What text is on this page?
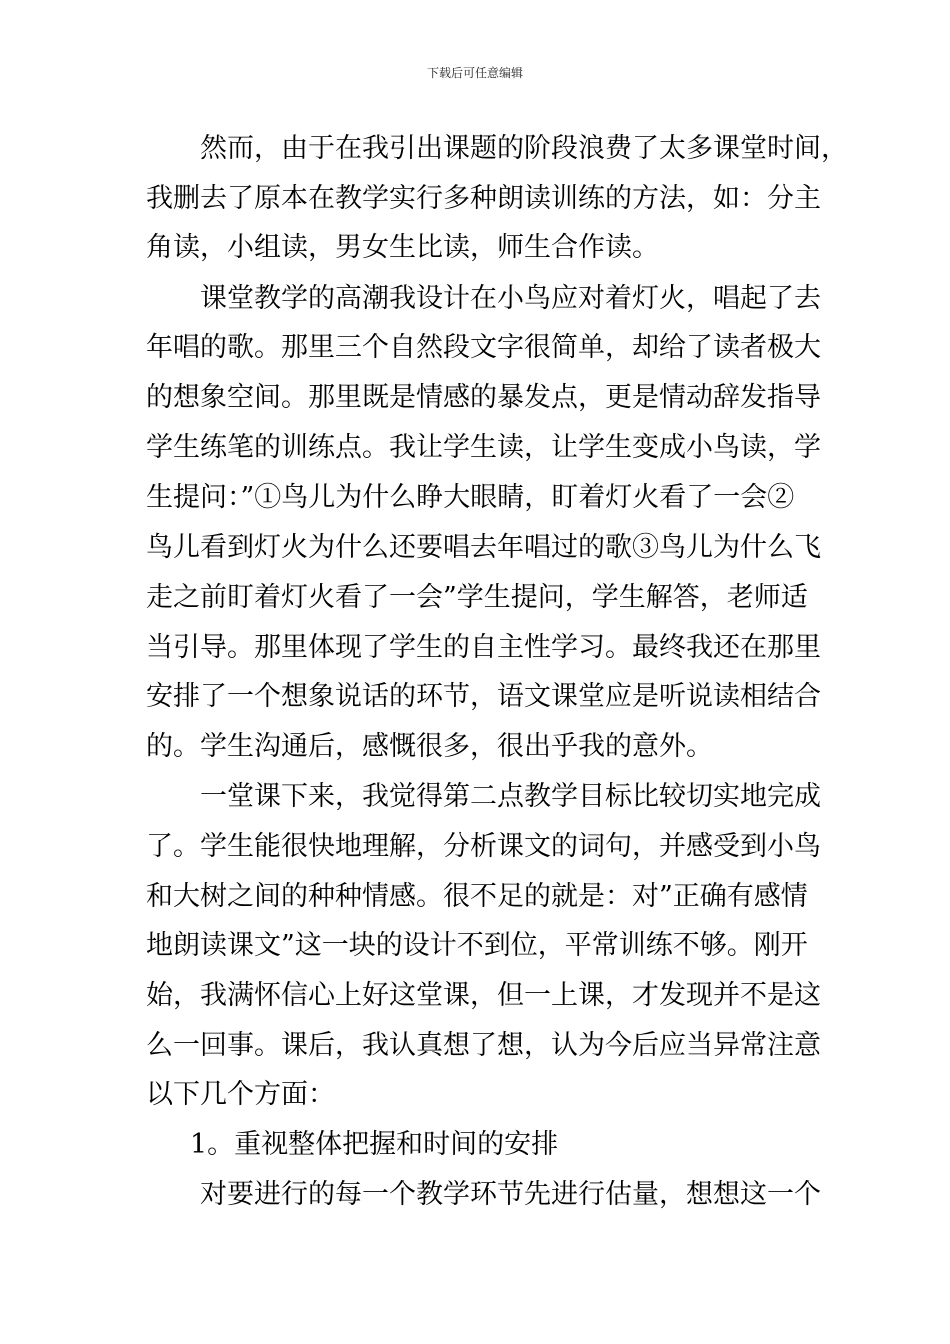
下载后可任意编辑
然而，由于在我引出课题的阶段浪费了太多课堂时间，
我删去了原本在教学实行多种朗读训练的方法，如：分主
角读，小组读，男女生比读，师生合作读。
课堂教学的高潮我设计在小鸟应对着灯火，唱起了去
年唱的歌。那里三个自然段文字很简单，却给了读者极大
的想象空间。那里既是情感的暴发点，更是情动辞发指导
学生练笔的训练点。我让学生读，让学生变成小鸟读，学
生提问：”①鸟儿为什么睁大眼睛，盯着灯火看了一会②
鸟儿看到灯火为什么还要唱去年唱过的歌③鸟儿为什么飞
走之前盯着灯火看了一会”学生提问，学生解答，老师适
当引导。那里体现了学生的自主性学习。最终我还在那里
安排了一个想象说话的环节，语文课堂应是听说读相结合
的。学生沟通后，感慨很多，很出乎我的意外。
一堂课下来，我觉得第二点教学目标比较切实地完成
了。学生能很快地理解，分析课文的词句，并感受到小鸟
和大树之间的种种情感。很不足的就是：对”正确有感情
地朗读课文”这一块的设计不到位，平常训练不够。刚开
始，我满怀信心上好这堂课，但一上课，才发现并不是这
么一回事。课后，我认真想了想，认为今后应当异常注意
以下几个方面：
1。重视整体把握和时间的安排
对要进行的每一个教学环节先进行估量，想想这一个
